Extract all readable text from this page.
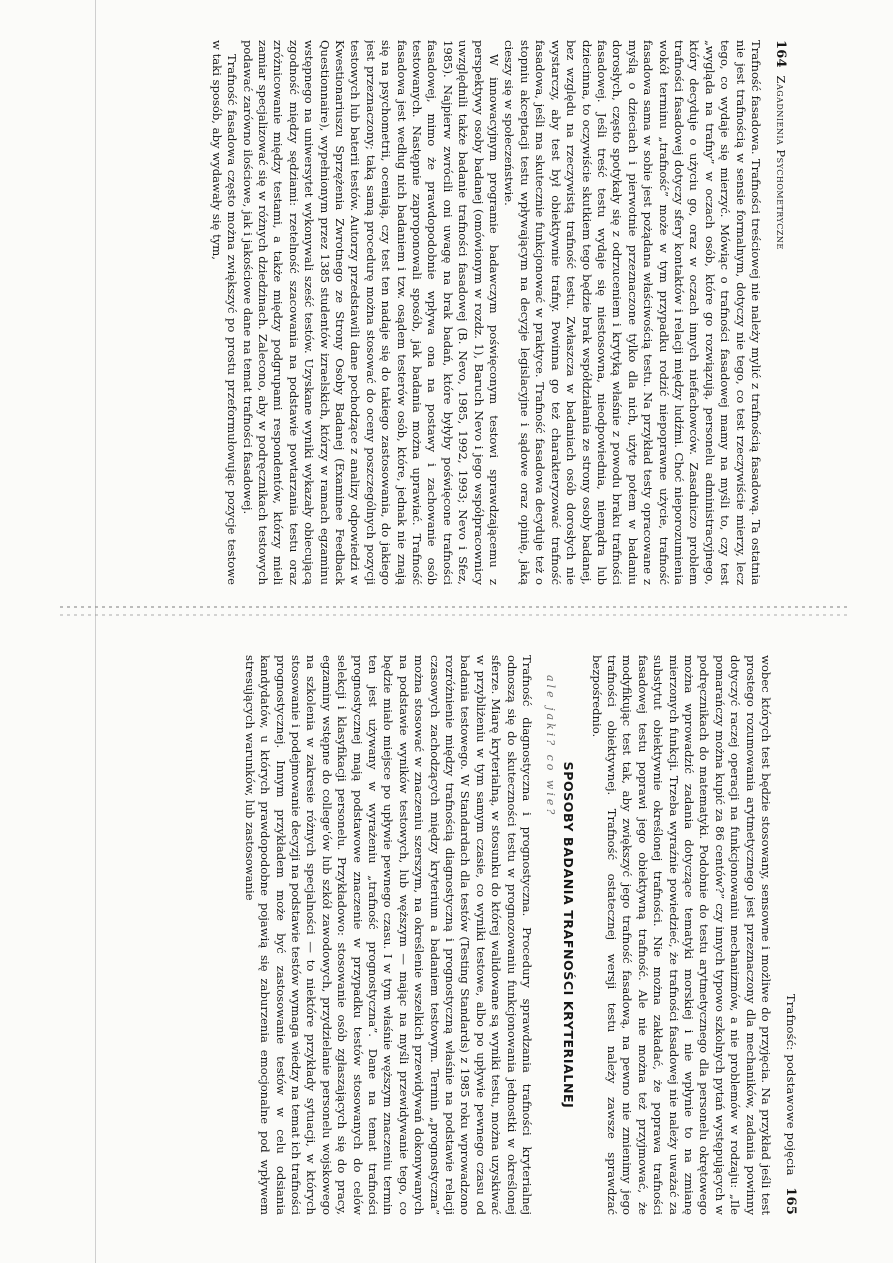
164  Zagadnienia Psychometryczne

Trafność fasadowa. Trafności treściowej nie należy mylić z trafnością fasadową. Ta ostatnia nie jest trafnością w sensie formalnym, dotyczy nie tego, co test rzeczywiście mierzy, lecz tego, co wydaje się mierzyć. Mówiąc o trafności fasadowej mamy na myśli to, czy test „wygląda na trafny” w oczach osób, które go rozwiązują, personelu administracyjnego, który decyduje o użyciu go, oraz w oczach innych niefachowców. Zasadniczo problem trafności fasadowej dotyczy sfery kontaktów i relacji między ludźmi. Choć nieporozumienia wokół terminu „trafność” może w tym przypadku rodzić niepoprawne użycie, trafność fasadowa sama w sobie jest pożądana właściwością testu. Na przykład testy opracowane z myślą o dzieciach i pierwotnie przeznaczone tylko dla nich, użyte potem w badaniu dorosłych, często spotykały się z odrzuceniem i krytyką właśnie z powodu braku trafności fasadowej. Jeśli treść testu wydaje się niestosowna, nieodpowiednia, niemądra lub dziecinna, to oczywiście skutkiem tego będzie brak współdziałania ze strony osoby badanej, bez względu na rzeczywistą trafność testu. Zwłaszcza w badaniach osób dorosłych nie wystarczy, aby test był obiektywnie trafny. Powinna go też charakteryzować trafność fasadowa, jeśli ma skutecznie funkcjonować w praktyce. Trafność fasadowa decyduje też o stopniu akceptacji testu wpływającym na decyzje legislacyjne i sądowe oraz opinię, jaką cieszy się w społeczeństwie.

W innowacyjnym programie badawczym poświęconym testowi sprawdzającemu z perspektywy osoby badanej (omówionym w rozdz. 1), Baruch Nevo i jego współpracownicy uwzględnili także badanie trafności fasadowej (B. Nevo, 1985, 1992, 1993; Nevo i Sfez, 1985). Najpierw zwrócili oni uwagę na brak badań, które byłyby poświęcone trafności fasadowej, mimo że prawdopodobnie wpływa ona na postawy i zachowanie osób testowanych. Następnie zaproponowali sposób, jak badania można uprawiać. Trafność fasadowa jest według nich badaniem i tzw. osądem testerów osób, które, jednak nie znają się na psychometrii, oceniają, czy test ten nadaje się do takiego zastosowania, do jakiego jest przeznaczony; taką samą procedurę można stosować do oceny poszczególnych pozycji testowych lub baterii testów. Autorzy przedstawili dane pochodzące z analizy odpowiedzi w Kwestionariuszu Sprzężenia Zwrotnego ze Strony Osoby Badanej (Examinee Feedback Questionnaire), wypełnionym przez 1385 studentów izraelskich, którzy w ramach egzaminu wstępnego na uniwersytet wykonywali sześć testów. Uzyskane wyniki wykazały obiecującą zgodność między sędziami: rzetelność szacowania na podstawie powtarzania testu oraz zróżnicowanie między testami, a także między podgrupami respondentów, którzy mieli zamiar specjalizować się w różnych dziedzinach. Zalecono, aby w podręcznikach testowych podawać zarówno ilościowe, jak i jakościowe dane na temat trafności fasadowej.

Trafność fasadowa często można zwiększyć po prostu przeformułowując pozycje testowe w taki sposób, aby wydawały się tym,

Trafność: podstawowe pojęcia   165

wobec których test będzie stosowany, sensowne i możliwe do przyjęcia. Na przykład jeśli test prostego rozumowania arytmetycznego jest przeznaczony dla mechaników, zadania powinny dotyczyć raczej operacji na funkcjonowaniu mechanizmów, a nie problemów w rodzaju: „Ile pomarańczy można kupić za 86 centów?” czy innych typowo szkolnych pytań występujących w podręcznikach do matematyki. Podobnie do testu arytmetycznego dla personelu okrętowego można wprowadzić zadania dotyczące tematyki morskiej i nie wpłynie to na zmianę mierzonych funkcji. Trzeba wyraźnie powiedzieć, że trafności fasadowej nie należy uważać za substytut obiektywnie określonej trafności. Nie można zakładać, że poprawa trafności fasadowej testu poprawi jego obiektywną trafność. Ale nie można też przyjmować, że modyfikując test tak, aby zwiększyć jego trafność fasadową, na pewno nie zmienimy jego trafności obiektywnej. Trafność ostatecznej wersji testu należy zawsze sprawdzać bezpośrednio.

SPOSOBY BADANIA TRAFNOŚCI KRYTERIALNEJ
ale jaki? co wie?

Trafność diagnostyczna i prognostyczna. Procedury sprawdzania trafności kryterialnej odnoszą się do skuteczności testu w prognozowaniu funkcjonowania jednostki w określonej sferze. Miarę kryterialną, w stosunku do której walidowane są wyniki testu, można uzyskiwać w przybliżeniu w tym samym czasie, co wyniki testowe, albo po upływie pewnego czasu od badania testowego. W Standardach dla testów (Testing Standards) z 1985 roku wprowadzono rozróżnienie między trafnością diagnostyczną i prognostyczną właśnie na podstawie relacji czasowych zachodzących między kryterium a badaniem testowym. Termin „prognostyczna” można stosować w znaczeniu szerszym, na określenie wszelkich przewidywań dokonywanych na podstawie wyników testowych, lub węższym — mając na myśli przewidywanie tego, co będzie miało miejsce po upływie pewnego czasu. I w tym właśnie węższym znaczeniu termin ten jest używany w wyrażeniu „trafność prognostyczna”. Dane na temat trafności prognostycznej mają podstawowe znaczenie w przypadku testów stosowanych do celów selekcji i klasyfikacji personelu. Przykładowo: stosowanie osób zgłaszających się do pracy, egzaminy wstępne do college'ów lub szkół zawodowych, przydzielanie personelu wojskowego na szkolenia w zakresie różnych specjalności — to niektóre przykłady sytuacji, w których stosowanie i podejmowanie decyzji na podstawie testów wymaga wiedzy na temat ich trafności prognostycznej. Innym przykładem może być zastosowanie testów w celu odsiania kandydatów, u których prawdopodobne pojawią się zaburzenia emocjonalne pod wpływem stresujących warunków, lub zastosowanie
